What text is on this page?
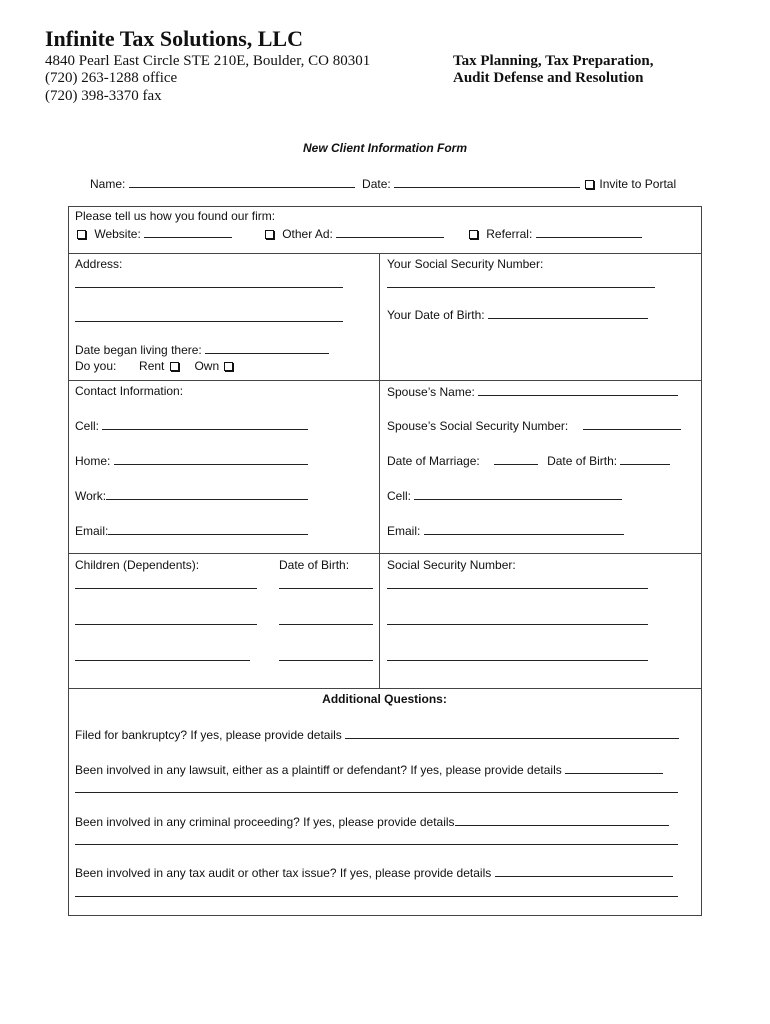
Infinite Tax Solutions, LLC
4840 Pearl East Circle STE 210E, Boulder, CO 80301
(720) 263-1288 office
(720) 398-3370 fax
Tax Planning, Tax Preparation,
Audit Defense and Resolution
New Client Information Form
Name:	Date:	Invite to Portal
Please tell us how you found our firm:
Website:	Other Ad:	Referral:
Address:
Date began living there:
Do you: Rent	Own
Your Social Security Number:
Your Date of Birth:
Contact Information:
Cell:
Home:
Work:
Email:
Spouse’s Name:
Spouse’s Social Security Number:
Date of Marriage:	Date of Birth:
Cell:
Email:
Children (Dependents):	Date of Birth:	Social Security Number:
Additional Questions:
Filed for bankruptcy? If yes, please provide details
Been involved in any lawsuit, either as a plaintiff or defendant? If yes, please provide details
Been involved in any criminal proceeding? If yes, please provide details
Been involved in any tax audit or other tax issue? If yes, please provide details
